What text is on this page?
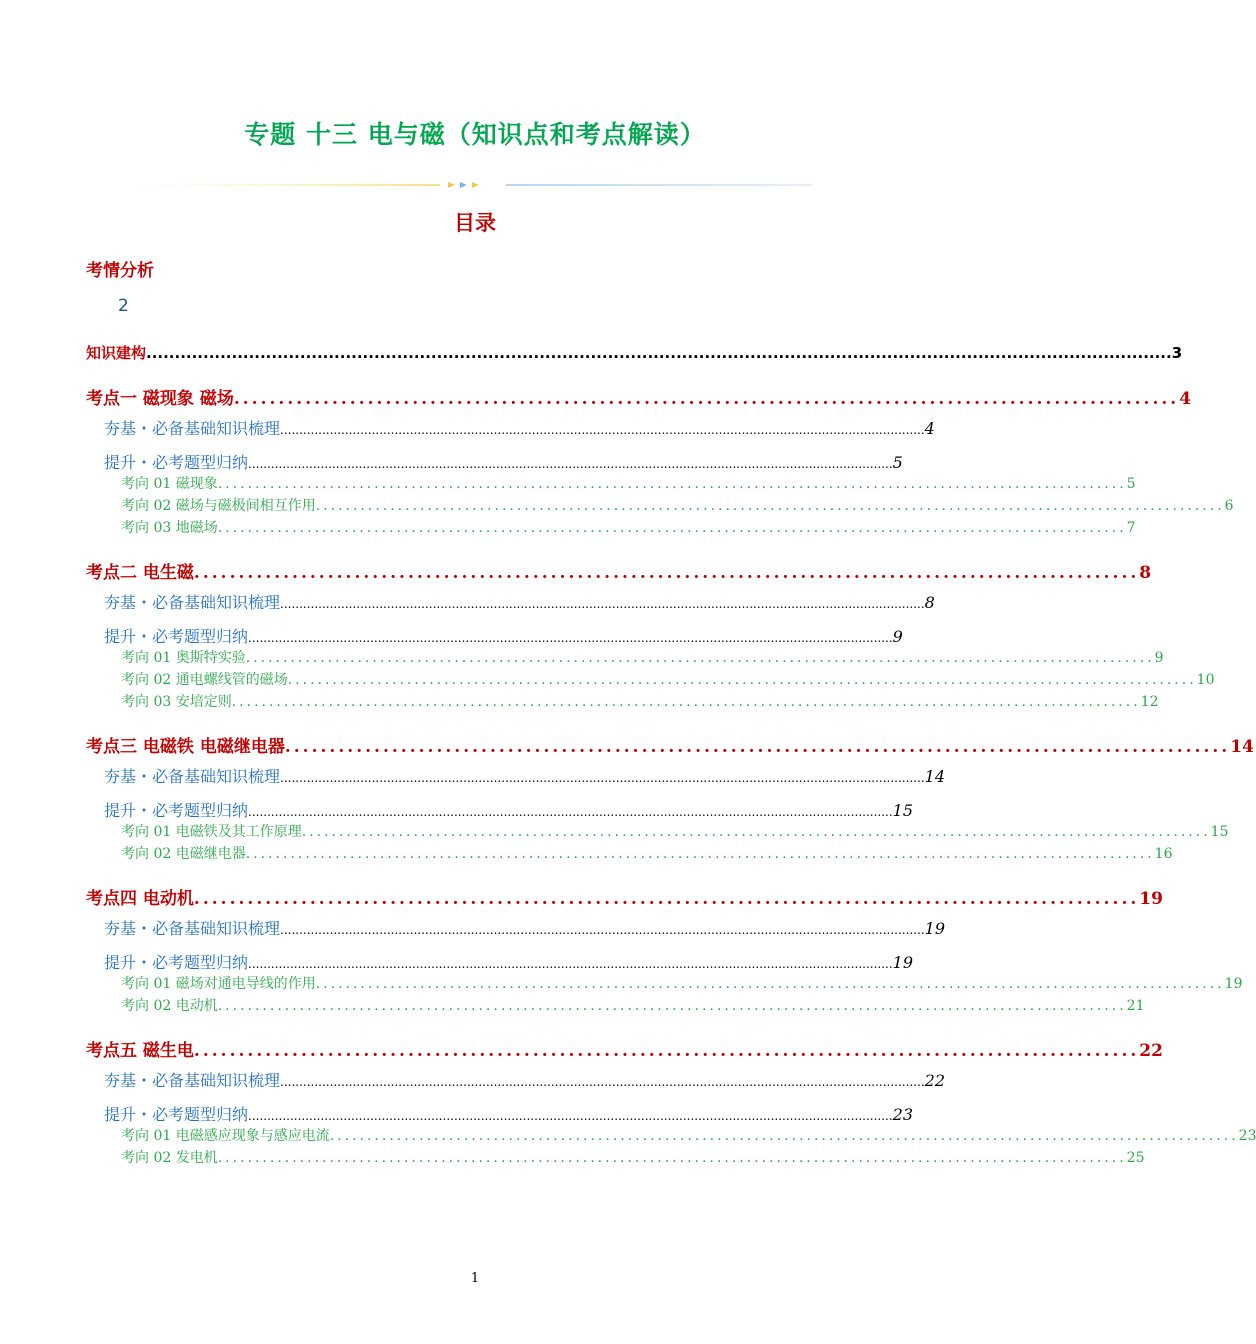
专题 十三 电与磁（知识点和考点解读）
目录
考情分析
2
知识建构 .................................................................................................................................................................................... 3
考点一 磁现象 磁场 .......................................................................................................... 4
夯基・必备基础知识梳理 ......................................................................................................................................................................... 4
提升・必考题型归纳 ......................................................................................................................................................................... 5
考向 01 磁现象 .......................................................................................................................... 5
考向 02 磁场与磁极间相互作用 .......................................................................................................................... 6
考向 03 地磁场 .......................................................................................................................... 7
考点二 电生磁 .......................................................................................................... 8
夯基・必备基础知识梳理 ......................................................................................................................................................................... 8
提升・必考题型归纳 ......................................................................................................................................................................... 9
考向 01 奥斯特实验 .......................................................................................................................... 9
考向 02 通电螺线管的磁场 .......................................................................................................................... 10
考向 03 安培定则 .......................................................................................................................... 12
考点三 电磁铁 电磁继电器 .......................................................................................................... 14
夯基・必备基础知识梳理 ......................................................................................................................................................................... 14
提升・必考题型归纳 ......................................................................................................................................................................... 15
考向 01 电磁铁及其工作原理 .......................................................................................................................... 15
考向 02 电磁继电器 .......................................................................................................................... 16
考点四 电动机 .......................................................................................................... 19
夯基・必备基础知识梳理 ......................................................................................................................................................................... 19
提升・必考题型归纳 ......................................................................................................................................................................... 19
考向 01 磁场对通电导线的作用 .......................................................................................................................... 19
考向 02 电动机 .......................................................................................................................... 21
考点五 磁生电 .......................................................................................................... 22
夯基・必备基础知识梳理 ......................................................................................................................................................................... 22
提升・必考题型归纳 ......................................................................................................................................................................... 23
考向 01 电磁感应现象与感应电流 .......................................................................................................................... 23
考向 02 发电机 .......................................................................................................................... 25
1
